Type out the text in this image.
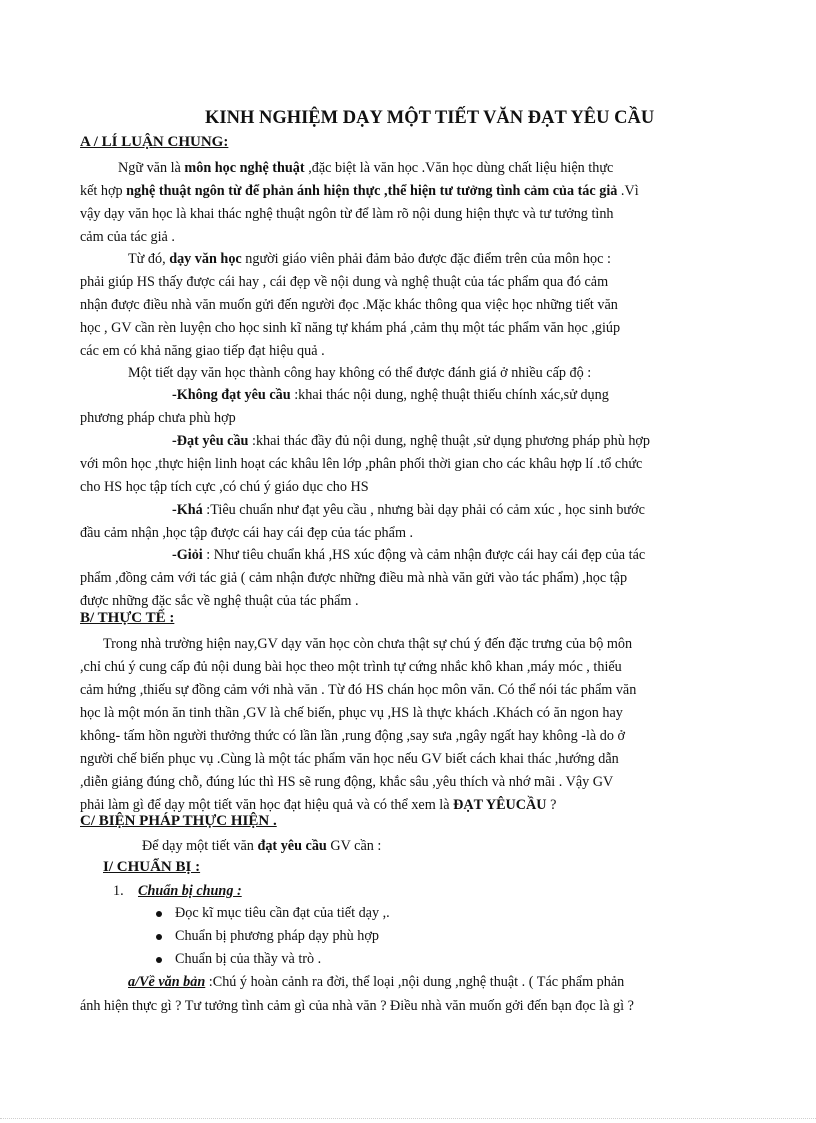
KINH NGHIỆM DẠY MỘT TIẾT VĂN ĐẠT YÊU CẦU
A / LÍ LUẬN CHUNG:
Ngữ văn là môn học nghệ thuật ,đặc biệt là văn học .Văn học dùng chất liệu hiện thực
kết hợp nghệ thuật ngôn từ để phản ánh hiện thực ,thể hiện tư tưởng tình cảm của tác giả .Vì
vậy dạy văn học là khai thác nghệ thuật ngôn từ để làm rõ nội dung hiện thực và tư tưởng tình
cảm của tác giả .
Từ đó, dạy văn học người giáo viên phải đảm bảo được đặc điểm trên của môn học :
phải giúp HS thấy được cái hay , cái đẹp về nội dung và nghệ thuật của tác phẩm qua đó cảm
nhận được điều nhà văn muốn gửi đến người đọc .Mặc khác thông qua việc học những tiết văn
học , GV cần rèn luyện cho học sinh kĩ năng tự khám phá ,cảm thụ một tác phẩm văn học ,giúp
các em có khả năng giao tiếp đạt hiệu quả .
Một tiết dạy văn học thành công hay không có thể được đánh giá ở nhiều cấp độ :
-Không đạt yêu cầu :khai thác nội dung, nghệ thuật thiếu chính xác,sử dụng
phương pháp chưa phù hợp
-Đạt yêu cầu :khai thác đầy đủ nội dung, nghệ thuật ,sử dụng phương pháp phù hợp
với môn học ,thực hiện linh hoạt các khâu lên lớp ,phân phối thời gian cho các khâu hợp lí .tổ chức
cho HS học tập tích cực ,có chú ý giáo dục cho HS
-Khá :Tiêu chuẩn như đạt yêu cầu , nhưng bài dạy phải có cảm xúc , học sinh bước
đầu cảm nhận ,học tập được cái hay cái đẹp của tác phẩm .
-Giỏi : Như tiêu chuẩn khá ,HS xúc động và cảm nhận được cái hay cái đẹp của tác
phẩm ,đồng cảm với tác giả ( cảm nhận được những điều mà nhà văn gửi vào tác phẩm) ,học tập
được những đặc sắc về nghệ thuật của tác phẩm .
B/ THỰC TẾ :
Trong nhà trường hiện nay,GV dạy văn học còn chưa thật sự chú ý đến đặc trưng của bộ môn
,chỉ chú ý cung cấp đủ nội dung bài học theo một trình tự cứng nhắc khô khan ,máy móc , thiếu
cảm hứng ,thiếu sự đồng cảm với nhà văn . Từ đó HS chán học môn văn. Có thể nói tác phẩm văn
học là một món ăn tinh thần ,GV là chế biến, phục vụ ,HS là thực khách .Khách có ăn ngon hay
không- tấm hồn người thưởng thức có lần lần ,rung động ,say sưa ,ngây ngất hay không -là do ở
người chế biến phục vụ .Cùng là một tác phẩm văn học nếu GV biết cách khai thác ,hướng dẫn
,diễn giảng đúng chỗ, đúng lúc thì HS sẽ rung động, khắc sâu ,yêu thích và nhớ mãi . Vậy GV
phải làm gì để dạy một tiết văn học đạt hiệu quả và có thể xem là ĐẠT YÊUCẦU ?
C/ BIỆN PHÁP THỰC HIỆN .
Để dạy một tiết văn đạt yêu cầu GV cần :
I/ CHUẨN BỊ :
1. Chuẩn bị chung :
Đọc kĩ mục tiêu cần đạt của tiết dạy ,.
Chuẩn bị phương pháp dạy phù hợp
Chuẩn bị của thầy và trò .
a/Về văn bản :Chú ý hoàn cảnh ra đời, thể loại ,nội dung ,nghệ thuật . ( Tác phẩm phản
ánh hiện thực gì ? Tư tưởng tình cảm gì của nhà văn ? Điều nhà văn muốn gởi đến bạn đọc là gì ?
